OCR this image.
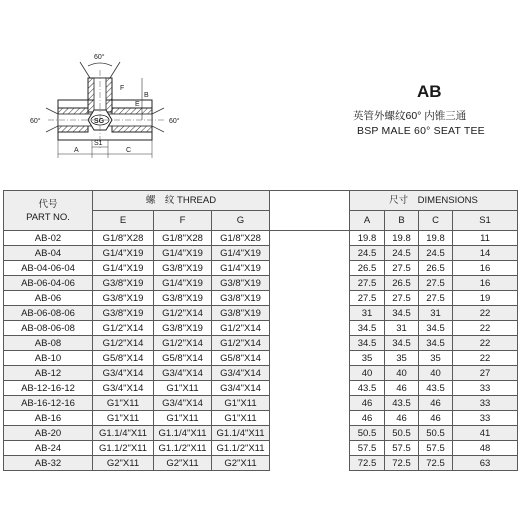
60°
SG
60°	60°
B
E
F
A
S1
C
AB
英管外螺纹60° 内锥三通
BSP MALE 60° SEAT TEE
代号
PART NO.	螺　纹 THREAD				尺寸　DIMENSIONS			
	E	F	G		A	B	C	S1
AB-02	G1/8"X28	G1/8"X28	G1/8"X28		19.8	19.8	19.8	11
AB-04	G1/4"X19	G1/4"X19	G1/4"X19		24.5	24.5	24.5	14
AB-04-06-04	G1/4"X19	G3/8"X19	G1/4"X19		26.5	27.5	26.5	16
AB-06-04-06	G3/8"X19	G1/4"X19	G3/8"X19		27.5	26.5	27.5	16
AB-06	G3/8"X19	G3/8"X19	G3/8"X19		27.5	27.5	27.5	19
AB-06-08-06	G3/8"X19	G1/2"X14	G3/8"X19		31	34.5	31	22
AB-08-06-08	G1/2"X14	G3/8"X19	G1/2"X14		34.5	31	34.5	22
AB-08	G1/2"X14	G1/2"X14	G1/2"X14		34.5	34.5	34.5	22
AB-10	G5/8"X14	G5/8"X14	G5/8"X14		35	35	35	22
AB-12	G3/4"X14	G3/4"X14	G3/4"X14		40	40	40	27
AB-12-16-12	G3/4"X14	G1"X11	G3/4"X14		43.5	46	43.5	33
AB-16-12-16	G1"X11	G3/4"X14	G1"X11		46	43.5	46	33
AB-16	G1"X11	G1"X11	G1"X11		46	46	46	33
AB-20	G1.1/4"X11	G1.1/4"X11	G1.1/4"X11		50.5	50.5	50.5	41
AB-24	G1.1/2"X11	G1.1/2"X11	G1.1/2"X11		57.5	57.5	57.5	48
AB-32	G2"X11	G2"X11	G2"X11		72.5	72.5	72.5	63
